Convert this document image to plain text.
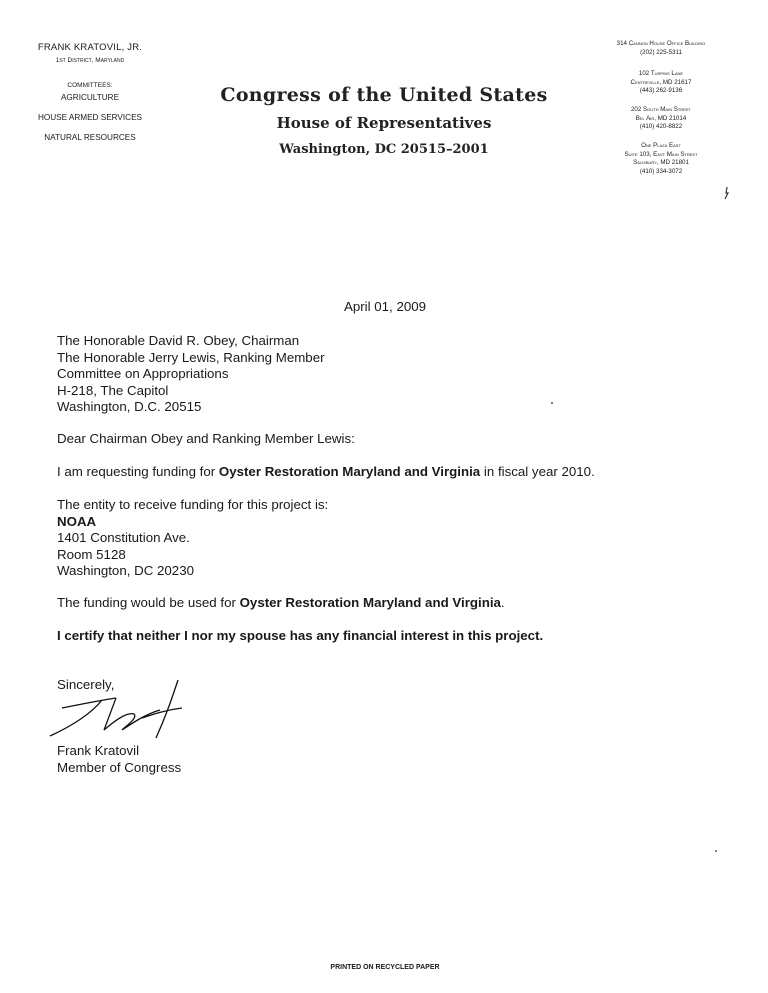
FRANK KRATOVIL, JR.
1st District, Maryland
COMMITTEES:
AGRICULTURE
HOUSE ARMED SERVICES
NATURAL RESOURCES
Congress of the United States
House of Representatives
Washington, DC 20515–2001
314 Cannon House Office Building
(202) 225-5311
102 Turpins Lane
Centreville, MD 21617
(443) 262-9136
202 South Main Street
Bel Air, MD 21014
(410) 420-8822
One Plaza East
Suite 103, East Main Street
Salisbury, MD 21801
(410) 334-3072
April 01, 2009
The Honorable David R. Obey, Chairman
The Honorable Jerry Lewis, Ranking Member
Committee on Appropriations
H-218, The Capitol
Washington, D.C. 20515
Dear Chairman Obey and Ranking Member Lewis:
I am requesting funding for Oyster Restoration Maryland and Virginia in fiscal year 2010.
The entity to receive funding for this project is:
NOAA
1401 Constitution Ave.
Room 5128
Washington, DC 20230
The funding would be used for Oyster Restoration Maryland and Virginia.
I certify that neither I nor my spouse has any financial interest in this project.
Sincerely,
Frank Kratovil
Member of Congress
PRINTED ON RECYCLED PAPER
